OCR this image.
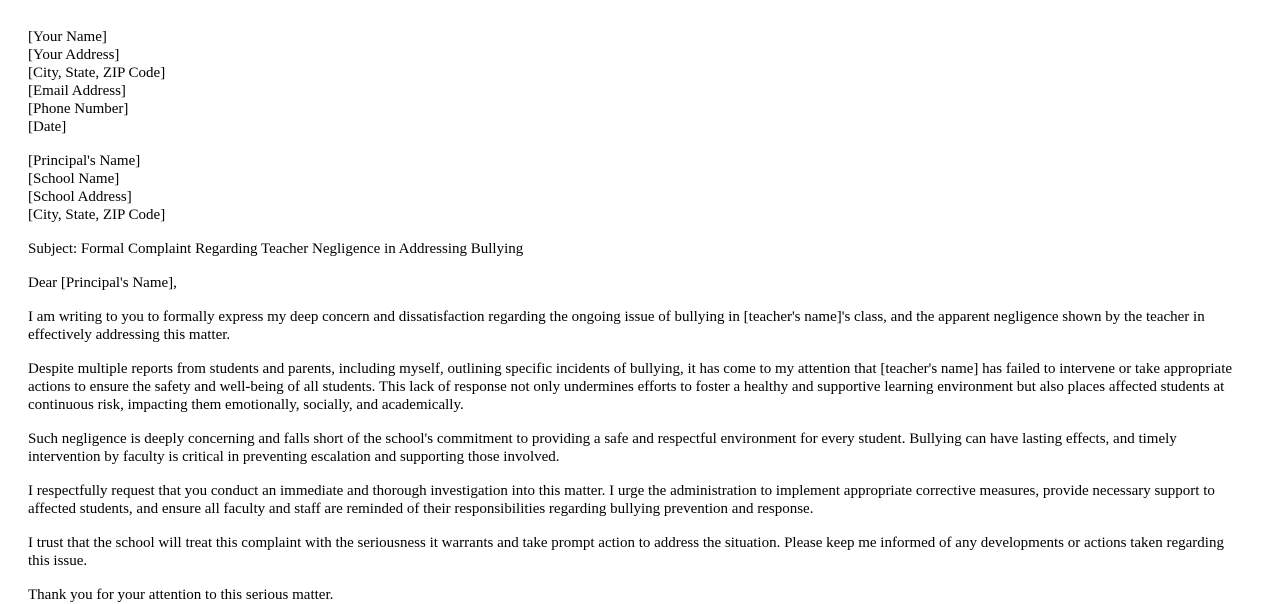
[Your Name]
[Your Address]
[City, State, ZIP Code]
[Email Address]
[Phone Number]
[Date]
[Principal's Name]
[School Name]
[School Address]
[City, State, ZIP Code]

Subject: Formal Complaint Regarding Teacher Negligence in Addressing Bullying

Dear [Principal's Name],

I am writing to you to formally express my deep concern and dissatisfaction regarding the ongoing issue of bullying in [teacher's name]'s class, and the apparent negligence shown by the teacher in effectively addressing this matter.

Despite multiple reports from students and parents, including myself, outlining specific incidents of bullying, it has come to my attention that [teacher's name] has failed to intervene or take appropriate actions to ensure the safety and well-being of all students. This lack of response not only undermines efforts to foster a healthy and supportive learning environment but also places affected students at continuous risk, impacting them emotionally, socially, and academically.

Such negligence is deeply concerning and falls short of the school's commitment to providing a safe and respectful environment for every student. Bullying can have lasting effects, and timely intervention by faculty is critical in preventing escalation and supporting those involved.

I respectfully request that you conduct an immediate and thorough investigation into this matter. I urge the administration to implement appropriate corrective measures, provide necessary support to affected students, and ensure all faculty and staff are reminded of their responsibilities regarding bullying prevention and response.

I trust that the school will treat this complaint with the seriousness it warrants and take prompt action to address the situation. Please keep me informed of any developments or actions taken regarding this issue.

Thank you for your attention to this serious matter.
